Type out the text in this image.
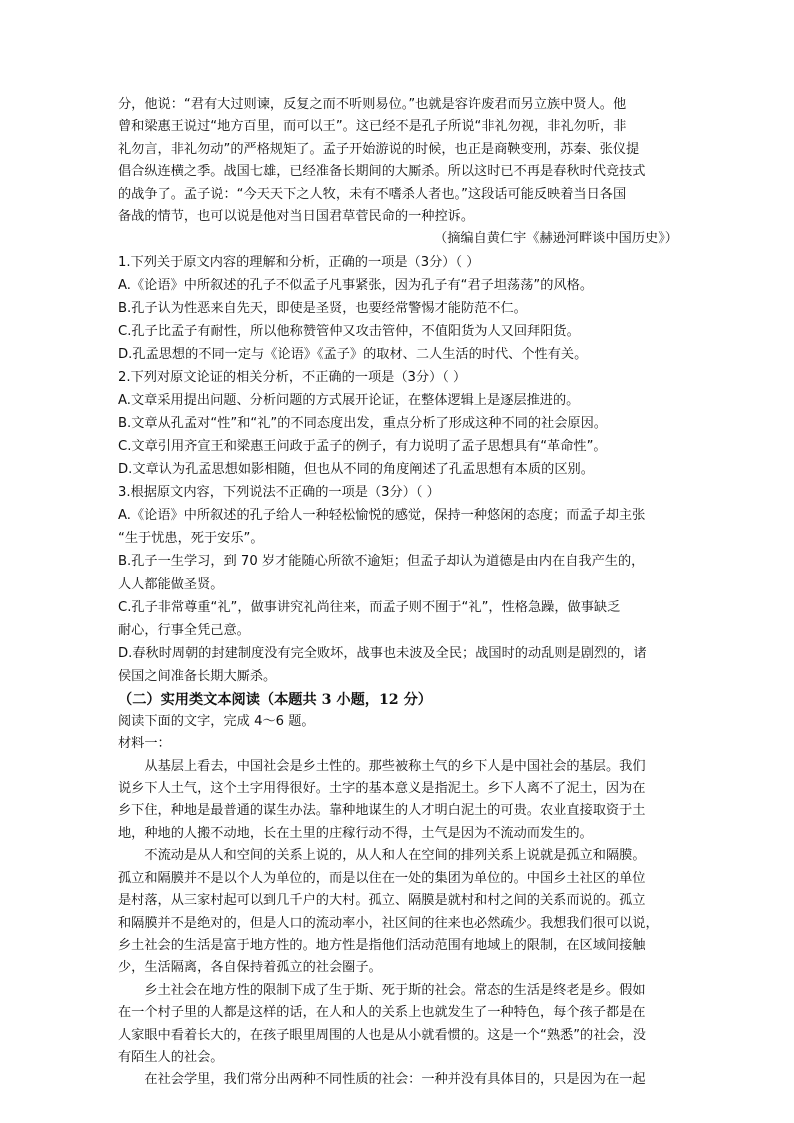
分，他说：“君有大过则谏，反复之而不听则易位。”也就是容许废君而另立族中贤人。他

曾和梁惠王说过“地方百里，而可以王”。这已经不是孔子所说“非礼勿视，非礼勿听，非

礼勿言，非礼勿动”的严格规矩了。孟子开始游说的时候，也正是商鞅变刑，苏秦、张仪提

倡合纵连横之季。战国七雄，已经准备长期间的大厮杀。所以这时已不再是春秋时代竞技式

的战争了。孟子说：“今天天下之人牧，未有不嗜杀人者也。”这段话可能反映着当日各国

备战的情节，也可以说是他对当日国君草菅民命的一种控诉。

（摘编自黄仁宇《赫逊河畔谈中国历史》）

1.下列关于原文内容的理解和分析，正确的一项是（3分）（ ）

A.《论语》中所叙述的孔子不似孟子凡事紧张，因为孔子有“君子坦荡荡”的风格。

B.孔子认为性恶来自先天，即使是圣贤，也要经常警惕才能防范不仁。

C.孔子比孟子有耐性，所以他称赞管仲又攻击管仲，不值阳货为人又回拜阳货。

D.孔孟思想的不同一定与《论语》《孟子》的取材、二人生活的时代、个性有关。

2.下列对原文论证的相关分析，不正确的一项是（3分）（ ）

A.文章采用提出问题、分析问题的方式展开论证，在整体逻辑上是逐层推进的。

B.文章从孔孟对“性”和“礼”的不同态度出发，重点分析了形成这种不同的社会原因。

C.文章引用齐宣王和梁惠王问政于孟子的例子，有力说明了孟子思想具有“革命性”。

D.文章认为孔孟思想如影相随，但也从不同的角度阐述了孔孟思想有本质的区别。

3.根据原文内容，下列说法不正确的一项是（3分）（ ）

A.《论语》中所叙述的孔子给人一种轻松愉悦的感觉，保持一种悠闲的态度；而孟子却主张

“生于忧患，死于安乐”。

B.孔子一生学习，到 70 岁才能随心所欲不逾矩；但孟子却认为道德是由内在自我产生的，

人人都能做圣贤。

C.孔子非常尊重“礼”，做事讲究礼尚往来，而孟子则不囿于“礼”，性格急躁，做事缺乏

耐心，行事全凭己意。

D.春秋时周朝的封建制度没有完全败坏，战事也未波及全民；战国时的动乱则是剧烈的，诸

侯国之间准备长期大厮杀。

（二）实用类文本阅读（本题共 3 小题，12 分）

阅读下面的文字，完成 4～6 题。

材料一：

从基层上看去，中国社会是乡土性的。那些被称土气的乡下人是中国社会的基层。我们

说乡下人土气，这个土字用得很好。土字的基本意义是指泥土。乡下人离不了泥土，因为在

乡下住，种地是最普通的谋生办法。靠种地谋生的人才明白泥土的可贵。农业直接取资于土

地，种地的人搬不动地，长在土里的庄稼行动不得，土气是因为不流动而发生的。

不流动是从人和空间的关系上说的，从人和人在空间的排列关系上说就是孤立和隔膜。

孤立和隔膜并不是以个人为单位的，而是以住在一处的集团为单位的。中国乡土社区的单位

是村落，从三家村起可以到几千户的大村。孤立、隔膜是就村和村之间的关系而说的。孤立

和隔膜并不是绝对的，但是人口的流动率小，社区间的往来也必然疏少。我想我们很可以说，

乡土社会的生活是富于地方性的。地方性是指他们活动范围有地域上的限制，在区域间接触

少，生活隔离，各自保持着孤立的社会圈子。

乡土社会在地方性的限制下成了生于斯、死于斯的社会。常态的生活是终老是乡。假如

在一个村子里的人都是这样的话，在人和人的关系上也就发生了一种特色，每个孩子都是在

人家眼中看着长大的，在孩子眼里周围的人也是从小就看惯的。这是一个“熟悉”的社会，没

有陌生人的社会。

在社会学里，我们常分出两种不同性质的社会：一种并没有具体目的，只是因为在一起
